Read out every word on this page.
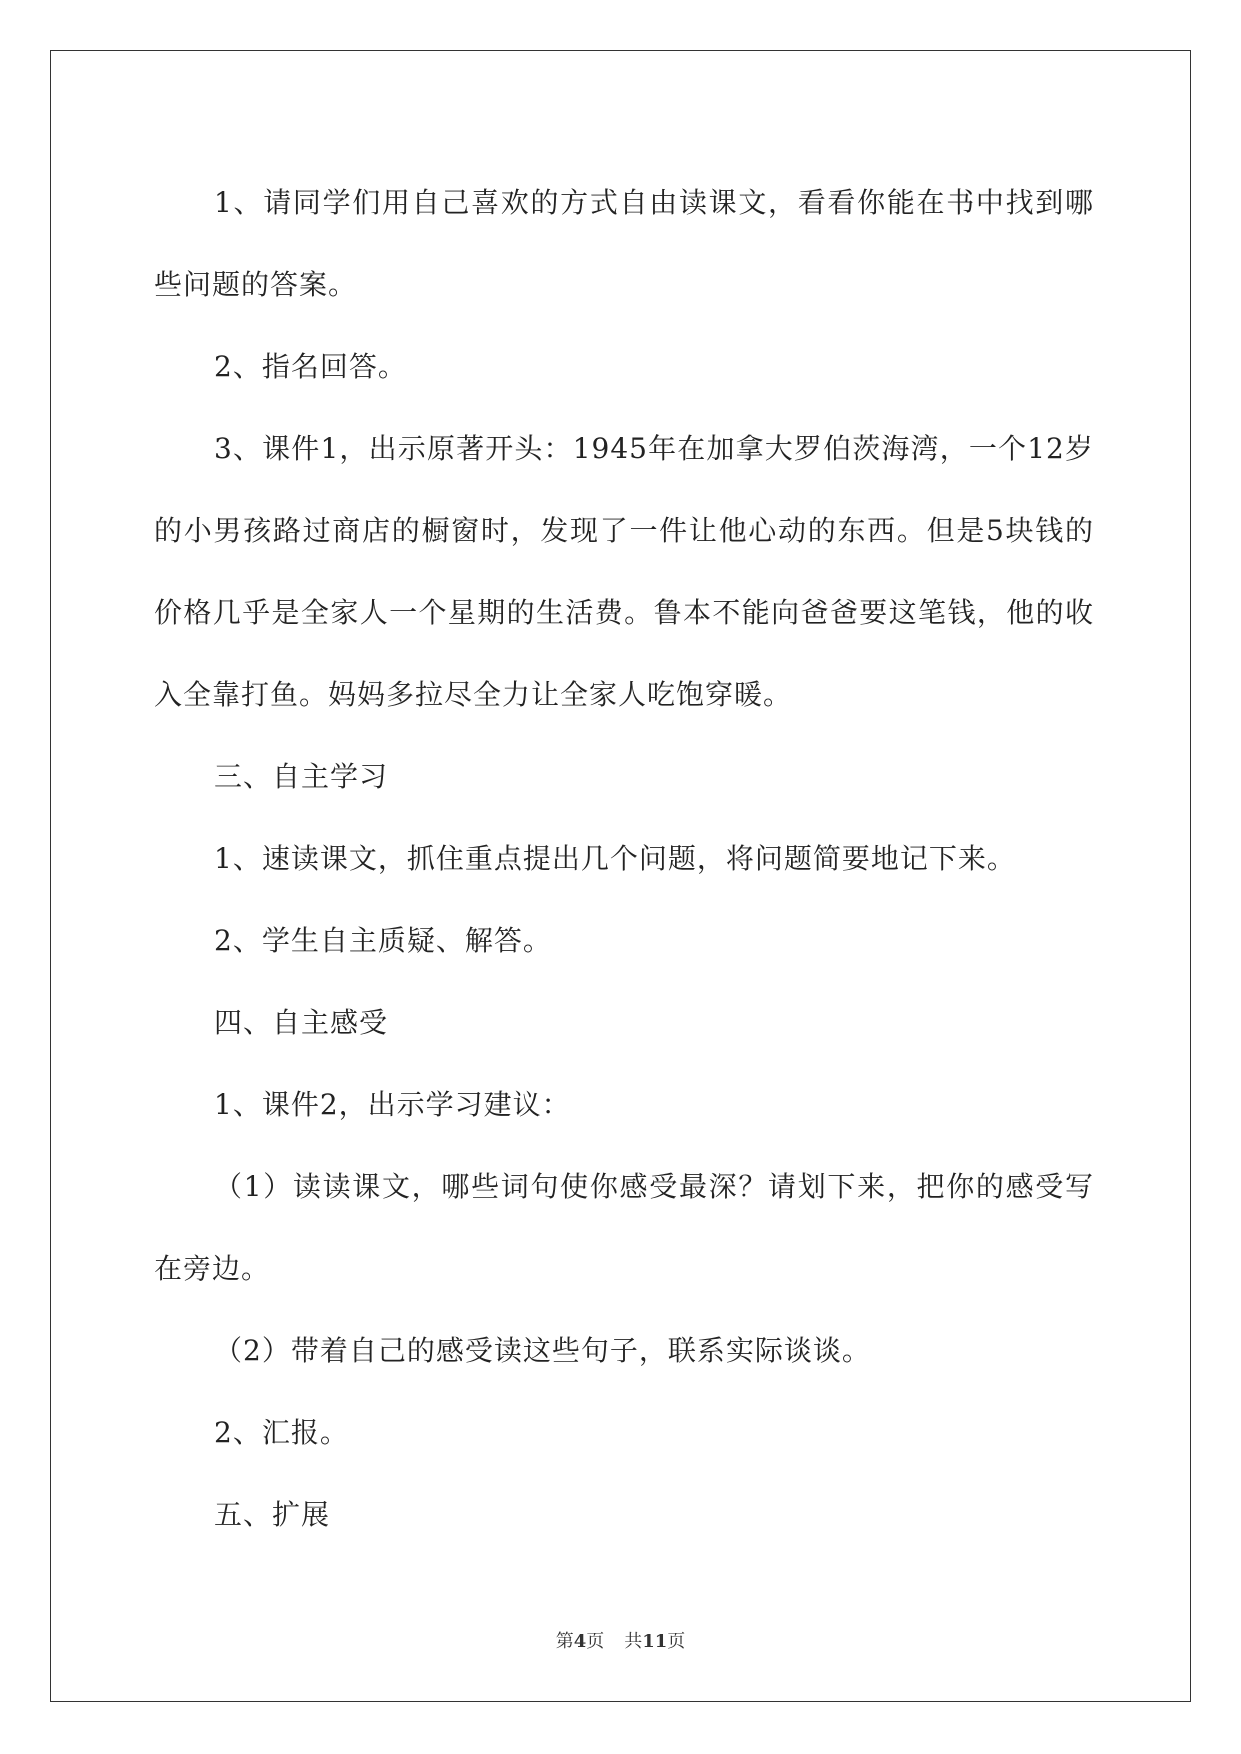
1、请同学们用自己喜欢的方式自由读课文，看看你能在书中找到哪些问题的答案。

2、指名回答。

3、课件1，出示原著开头：1945年在加拿大罗伯茨海湾，一个12岁的小男孩路过商店的橱窗时，发现了一件让他心动的东西。但是5块钱的价格几乎是全家人一个星期的生活费。鲁本不能向爸爸要这笔钱，他的收入全靠打鱼。妈妈多拉尽全力让全家人吃饱穿暖。

三、自主学习

1、速读课文，抓住重点提出几个问题，将问题简要地记下来。

2、学生自主质疑、解答。

四、自主感受

1、课件2，出示学习建议：

（1）读读课文，哪些词句使你感受最深？请划下来，把你的感受写在旁边。

（2）带着自己的感受读这些句子，联系实际谈谈。

2、汇报。

五、扩展

第4页 共11页
